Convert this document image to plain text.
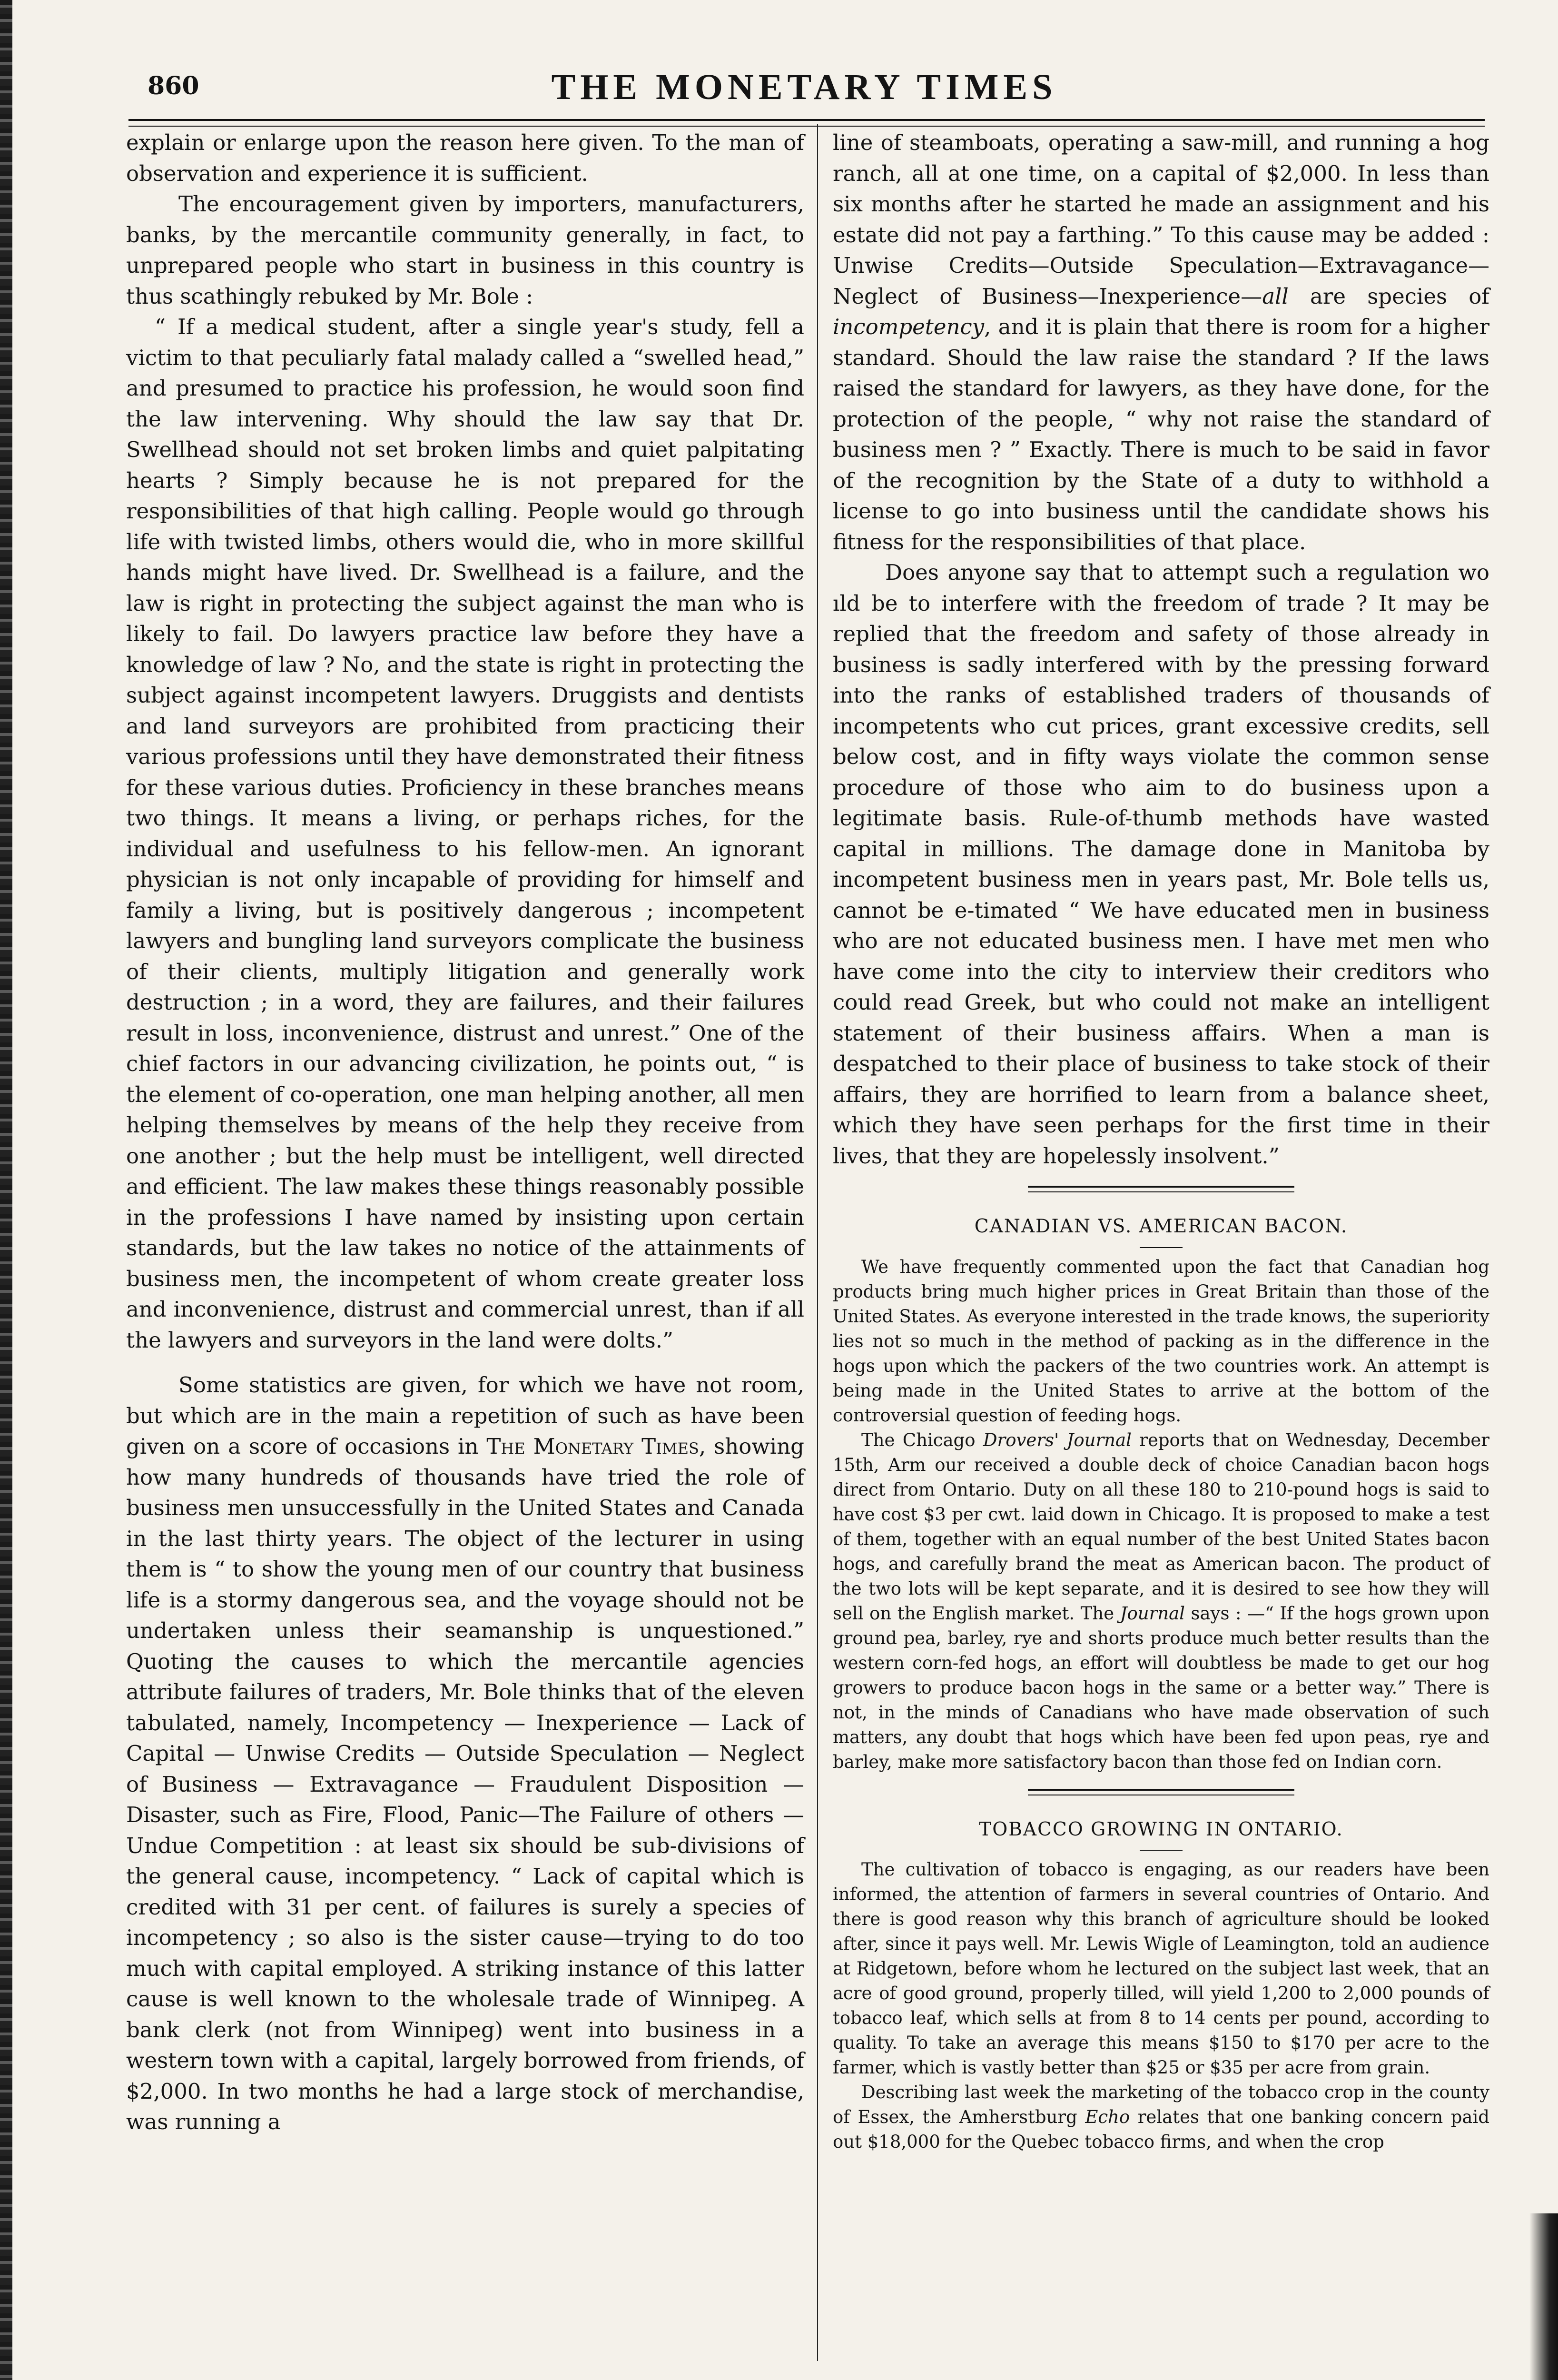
860	THE MONETARY TIMES

explain or enlarge upon the reason here given. To the man of observation and experience it is sufficient.

The encouragement given by importers, manufacturers, banks, by the mercantile community generally, in fact, to unprepared people who start in business in this country is thus scathingly rebuked by Mr. Bole :

“ If a medical student, after a single year's study, fell a victim to that peculiarly fatal malady called a “swelled head,” and presumed to practice his profession, he would soon find the law intervening. Why should the law say that Dr. Swellhead should not set broken limbs and quiet palpitating hearts ? Simply because he is not prepared for the responsibilities of that high calling. People would go through life with twisted limbs, others would die, who in more skillful hands might have lived. Dr. Swellhead is a failure, and the law is right in protecting the subject against the man who is likely to fail. Do lawyers practice law before they have a knowledge of law ? No, and the state is right in protecting the subject against incompetent lawyers. Druggists and dentists and land surveyors are prohibited from practicing their various professions until they have demonstrated their fitness for these various duties. Proficiency in these branches means two things. It means a living, or perhaps riches, for the individual and usefulness to his fellow-men. An ignorant physician is not only incapable of providing for himself and family a living, but is positively dangerous ; incompetent lawyers and bungling land surveyors complicate the business of their clients, multiply litigation and generally work destruction ; in a word, they are failures, and their failures result in loss, inconvenience, distrust and unrest.” One of the chief factors in our advancing civilization, he points out, “ is the element of co-operation, one man helping another, all men helping themselves by means of the help they receive from one another ; but the help must be intelligent, well directed and efficient. The law makes these things reasonably possible in the professions I have named by insisting upon certain standards, but the law takes no notice of the attainments of business men, the incompetent of whom create greater loss and inconvenience, distrust and commercial unrest, than if all the lawyers and surveyors in the land were dolts.”

Some statistics are given, for which we have not room, but which are in the main a repetition of such as have been given on a score of occasions in The Monetary Times, showing how many hundreds of thousands have tried the role of business men unsuccessfully in the United States and Canada in the last thirty years. The object of the lecturer in using them is “ to show the young men of our country that business life is a stormy dangerous sea, and the voyage should not be undertaken unless their seamanship is unquestioned.” Quoting the causes to which the mercantile agencies attribute failures of traders, Mr. Bole thinks that of the eleven tabulated, namely, Incompetency — Inexperience — Lack of Capital — Unwise Credits — Outside Speculation — Neglect of Business — Extravagance — Fraudulent Disposition — Disaster, such as Fire, Flood, Panic—The Failure of others —Undue Competition : at least six should be sub-divisions of the general cause, incompetency. “ Lack of capital which is credited with 31 per cent. of failures is surely a species of incompetency ; so also is the sister cause—trying to do too much with capital employed. A striking instance of this latter cause is well known to the wholesale trade of Winnipeg. A bank clerk (not from Winnipeg) went into business in a western town with a capital, largely borrowed from friends, of $2,000. In two months he had a large stock of merchandise, was running a

line of steamboats, operating a saw-mill, and running a hog ranch, all at one time, on a capital of $2,000. In less than six months after he started he made an assignment and his estate did not pay a farthing.” To this cause may be added : Unwise Credits—Outside Speculation—Extravagance—Neglect of Business—Inexperience—all are species of incompetency, and it is plain that there is room for a higher standard. Should the law raise the standard ? If the laws raised the standard for lawyers, as they have done, for the protection of the people, “ why not raise the standard of business men ? ” Exactly. There is much to be said in favor of the recognition by the State of a duty to withhold a license to go into business until the candidate shows his fitness for the responsibilities of that place.

Does anyone say that to attempt such a regulation wo ıld be to interfere with the freedom of trade ? It may be replied that the freedom and safety of those already in business is sadly interfered with by the pressing forward into the ranks of established traders of thousands of incompetents who cut prices, grant excessive credits, sell below cost, and in fifty ways violate the common sense procedure of those who aim to do business upon a legitimate basis. Rule-of-thumb methods have wasted capital in millions. The damage done in Manitoba by incompetent business men in years past, Mr. Bole tells us, cannot be e-timated “ We have educated men in business who are not educated business men. I have met men who have come into the city to interview their creditors who could read Greek, but who could not make an intelligent statement of their business affairs. When a man is despatched to their place of business to take stock of their affairs, they are horrified to learn from a balance sheet, which they have seen perhaps for the first time in their lives, that they are hopelessly insolvent.”

CANADIAN VS. AMERICAN BACON.

We have frequently commented upon the fact that Canadian hog products bring much higher prices in Great Britain than those of the United States. As everyone interested in the trade knows, the superiority lies not so much in the method of packing as in the difference in the hogs upon which the packers of the two countries work. An attempt is being made in the United States to arrive at the bottom of the controversial question of feeding hogs.

The Chicago Drovers' Journal reports that on Wednesday, December 15th, Arm our received a double deck of choice Canadian bacon hogs direct from Ontario. Duty on all these 180 to 210-pound hogs is said to have cost $3 per cwt. laid down in Chicago. It is proposed to make a test of them, together with an equal number of the best United States bacon hogs, and carefully brand the meat as American bacon. The product of the two lots will be kept separate, and it is desired to see how they will sell on the English market. The Journal says : —“ If the hogs grown upon ground pea, barley, rye and shorts produce much better results than the western corn-fed hogs, an effort will doubtless be made to get our hog growers to produce bacon hogs in the same or a better way.” There is not, in the minds of Canadians who have made observation of such matters, any doubt that hogs which have been fed upon peas, rye and barley, make more satisfactory bacon than those fed on Indian corn.

TOBACCO GROWING IN ONTARIO.

The cultivation of tobacco is engaging, as our readers have been informed, the attention of farmers in several countries of Ontario. And there is good reason why this branch of agriculture should be looked after, since it pays well. Mr. Lewis Wigle of Leamington, told an audience at Ridgetown, before whom he lectured on the subject last week, that an acre of good ground, properly tilled, will yield 1,200 to 2,000 pounds of tobacco leaf, which sells at from 8 to 14 cents per pound, according to quality. To take an average this means $150 to $170 per acre to the farmer, which is vastly better than $25 or $35 per acre from grain.

Describing last week the marketing of the tobacco crop in the county of Essex, the Amherstburg Echo relates that one banking concern paid out $18,000 for the Quebec tobacco firms, and when the crop
